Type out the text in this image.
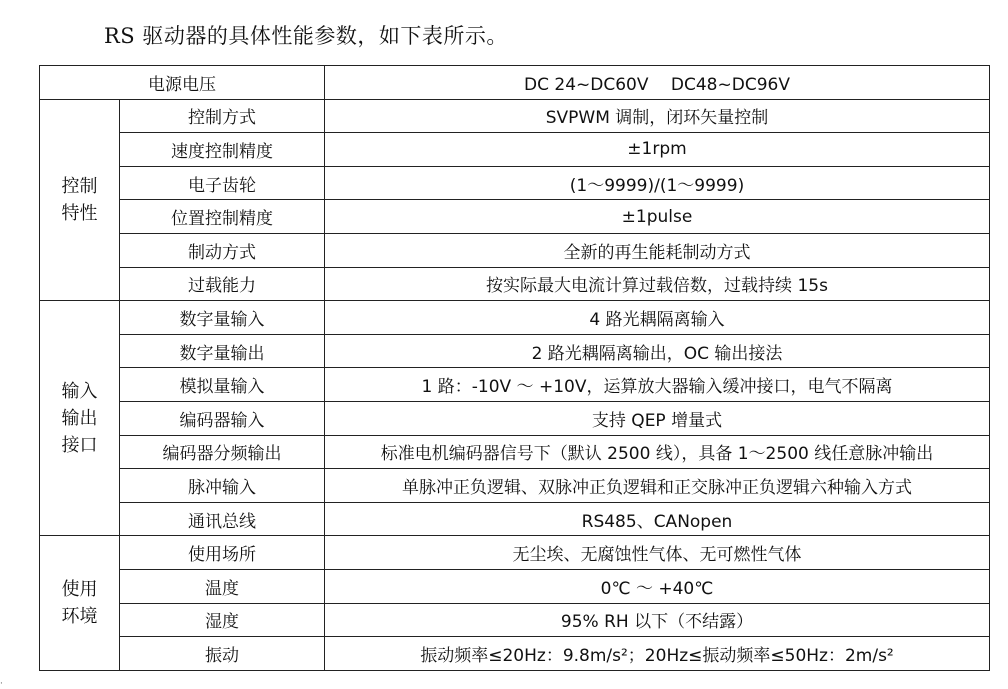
RS 驱动器的具体性能参数，如下表所示。
电源电压		DC 24~DC60V　 DC48~DC96V

控制
特性	控制方式	SVPWM 调制，闭环矢量控制
	速度控制精度	±1rpm
	电子齿轮	(1～9999)/(1～9999)
	位置控制精度	±1pulse
	制动方式	全新的再生能耗制动方式
	过载能力	按实际最大电流计算过载倍数，过载持续 15s

输入
输出
接口	数字量输入	4 路光耦隔离输入
	数字量输出	2 路光耦隔离输出，OC 输出接法
	模拟量输入	1 路：-10V ～ +10V，运算放大器输入缓冲接口，电气不隔离
	编码器输入	支持 QEP 增量式
	编码器分频输出	标准电机编码器信号下（默认 2500 线），具备 1～2500 线任意脉冲输出
	脉冲输入	单脉冲正负逻辑、双脉冲正负逻辑和正交脉冲正负逻辑六种输入方式
	通讯总线	RS485、CANopen

使用
环境	使用场所	无尘埃、无腐蚀性气体、无可燃性气体
	温度	0℃ ～ +40℃
	湿度	95% RH 以下（不结露）
	振动	振动频率≤20Hz：9.8m/s²；20Hz≤振动频率≤50Hz：2m/s²
·
